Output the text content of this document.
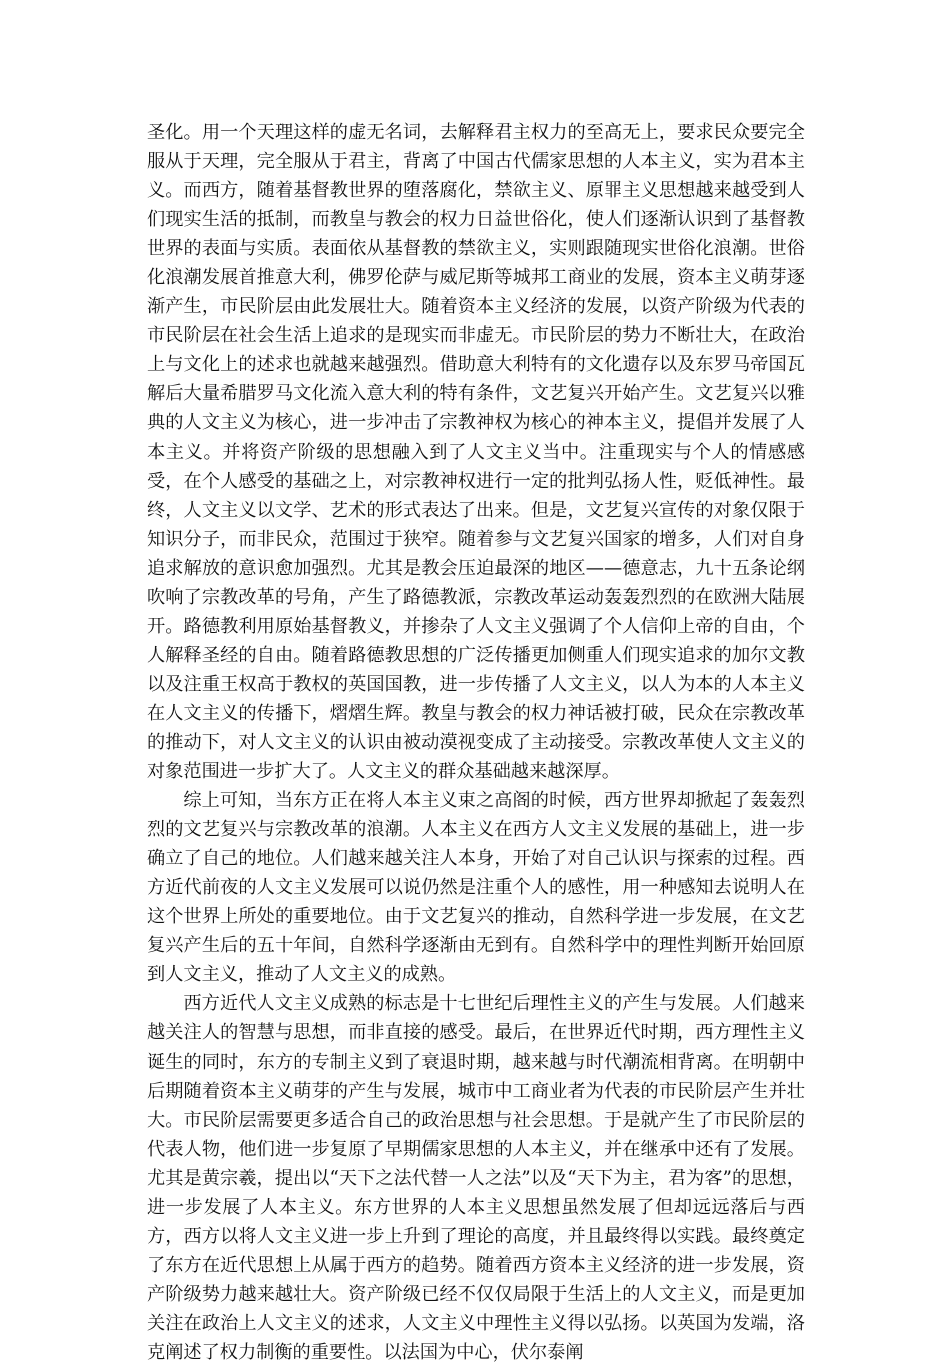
圣化。用一个天理这样的虚无名词，去解释君主权力的至高无上，要求民众要完全服从于天理，完全服从于君主，背离了中国古代儒家思想的人本主义，实为君本主义。而西方，随着基督教世界的堕落腐化，禁欲主义、原罪主义思想越来越受到人们现实生活的抵制，而教皇与教会的权力日益世俗化，使人们逐渐认识到了基督教世界的表面与实质。表面依从基督教的禁欲主义，实则跟随现实世俗化浪潮。世俗化浪潮发展首推意大利，佛罗伦萨与威尼斯等城邦工商业的发展，资本主义萌芽逐渐产生，市民阶层由此发展壮大。随着资本主义经济的发展，以资产阶级为代表的市民阶层在社会生活上追求的是现实而非虚无。市民阶层的势力不断壮大，在政治上与文化上的述求也就越来越强烈。借助意大利特有的文化遗存以及东罗马帝国瓦解后大量希腊罗马文化流入意大利的特有条件，文艺复兴开始产生。文艺复兴以雅典的人文主义为核心，进一步冲击了宗教神权为核心的神本主义，提倡并发展了人本主义。并将资产阶级的思想融入到了人文主义当中。注重现实与个人的情感感受，在个人感受的基础之上，对宗教神权进行一定的批判弘扬人性，贬低神性。最终，人文主义以文学、艺术的形式表达了出来。但是，文艺复兴宣传的对象仅限于知识分子，而非民众，范围过于狭窄。随着参与文艺复兴国家的增多，人们对自身追求解放的意识愈加强烈。尤其是教会压迫最深的地区——德意志，九十五条论纲吹响了宗教改革的号角，产生了路德教派，宗教改革运动轰轰烈烈的在欧洲大陆展开。路德教利用原始基督教义，并掺杂了人文主义强调了个人信仰上帝的自由，个人解释圣经的自由。随着路德教思想的广泛传播更加侧重人们现实追求的加尔文教以及注重王权高于教权的英国国教，进一步传播了人文主义，以人为本的人本主义在人文主义的传播下，熠熠生辉。教皇与教会的权力神话被打破，民众在宗教改革的推动下，对人文主义的认识由被动漠视变成了主动接受。宗教改革使人文主义的对象范围进一步扩大了。人文主义的群众基础越来越深厚。

综上可知，当东方正在将人本主义束之高阁的时候，西方世界却掀起了轰轰烈烈的文艺复兴与宗教改革的浪潮。人本主义在西方人文主义发展的基础上，进一步确立了自己的地位。人们越来越关注人本身，开始了对自己认识与探索的过程。西方近代前夜的人文主义发展可以说仍然是注重个人的感性，用一种感知去说明人在这个世界上所处的重要地位。由于文艺复兴的推动，自然科学进一步发展，在文艺复兴产生后的五十年间，自然科学逐渐由无到有。自然科学中的理性判断开始回原到人文主义，推动了人文主义的成熟。

西方近代人文主义成熟的标志是十七世纪后理性主义的产生与发展。人们越来越关注人的智慧与思想，而非直接的感受。最后，在世界近代时期，西方理性主义诞生的同时，东方的专制主义到了衰退时期，越来越与时代潮流相背离。在明朝中后期随着资本主义萌芽的产生与发展，城市中工商业者为代表的市民阶层产生并壮大。市民阶层需要更多适合自己的政治思想与社会思想。于是就产生了市民阶层的代表人物，他们进一步复原了早期儒家思想的人本主义，并在继承中还有了发展。尤其是黄宗羲，提出以“天下之法代替一人之法”以及“天下为主，君为客”的思想，进一步发展了人本主义。东方世界的人本主义思想虽然发展了但却远远落后与西方，西方以将人文主义进一步上升到了理论的高度，并且最终得以实践。最终奠定了东方在近代思想上从属于西方的趋势。随着西方资本主义经济的进一步发展，资产阶级势力越来越壮大。资产阶级已经不仅仅局限于生活上的人文主义，而是更加关注在政治上人文主义的述求，人文主义中理性主义得以弘扬。以英国为发端，洛克阐述了权力制衡的重要性。以法国为中心，伏尔泰阐
